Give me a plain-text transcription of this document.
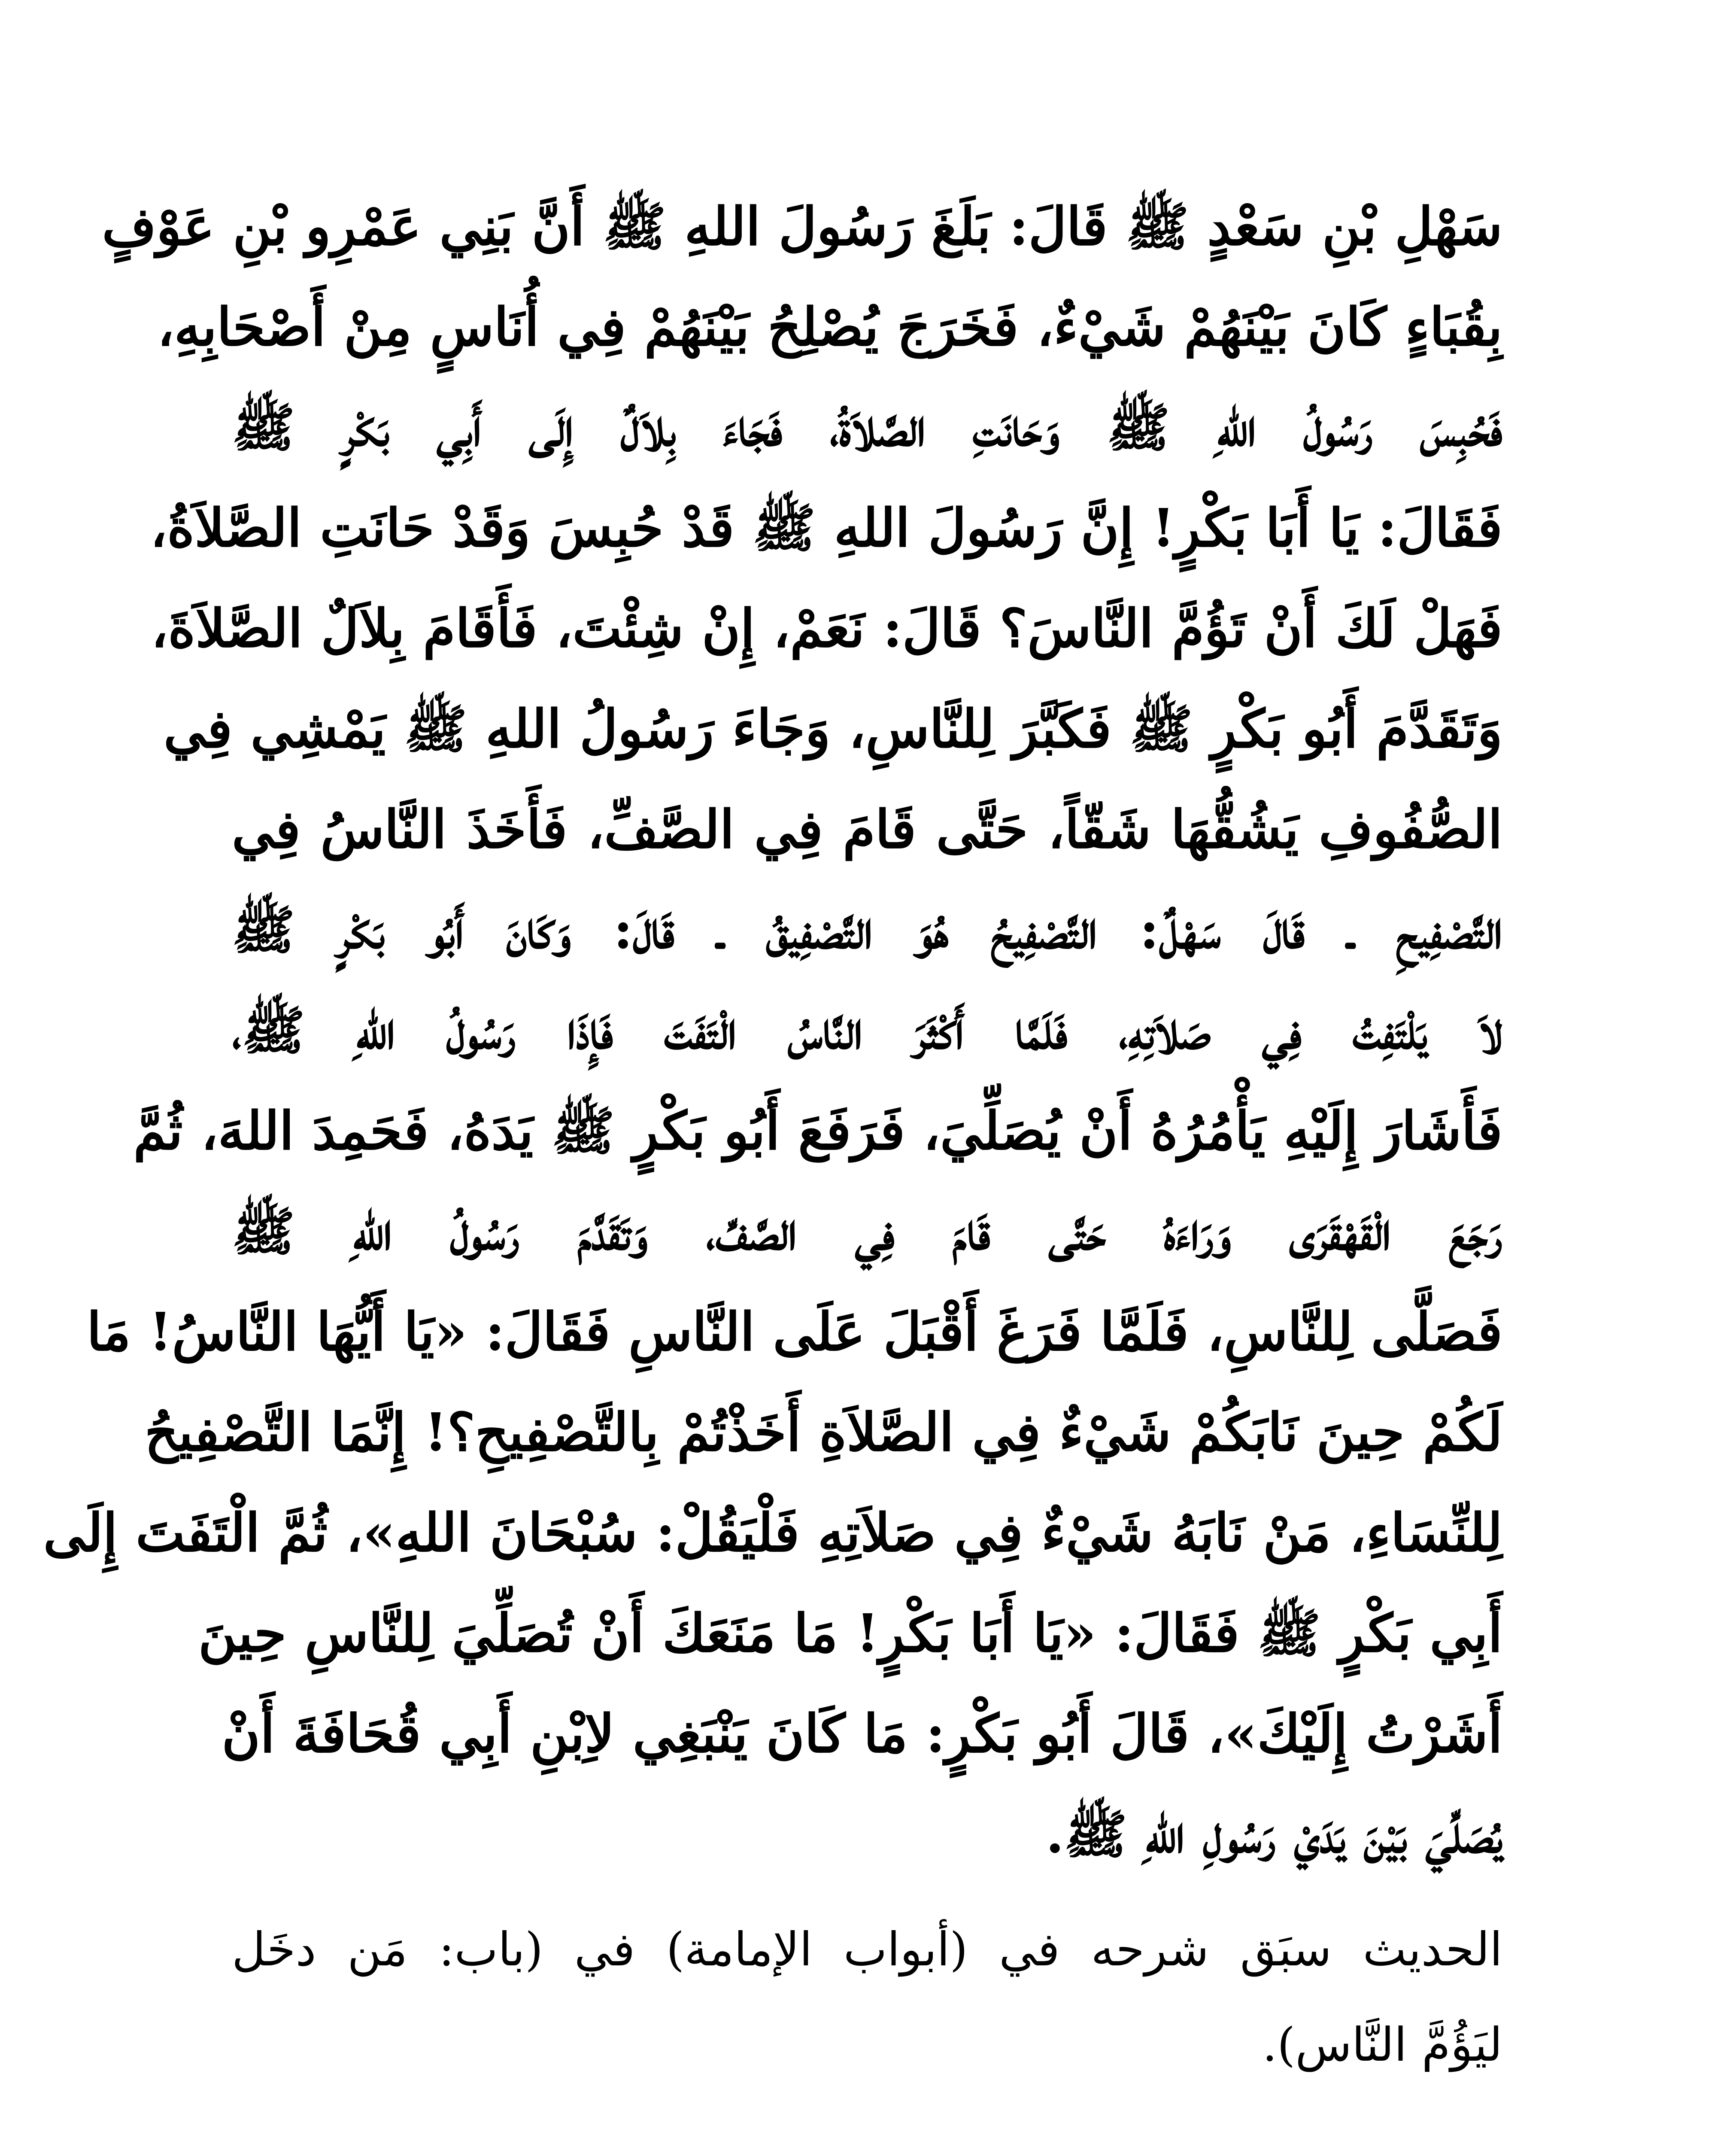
سَهْلِ بْنِ سَعْدٍ ﷺ قَالَ: بَلَغَ رَسُولَ اللهِ ﷺ أَنَّ بَنِي عَمْرِو بْنِ عَوْفٍ
بِقُبَاءٍ كَانَ بَيْنَهُمْ شَيْءٌ، فَخَرَجَ يُصْلِحُ بَيْنَهُمْ فِي أُنَاسٍ مِنْ أَصْحَابِهِ،
فَحُبِسَ رَسُولُ اللهِ ﷺ وَحَانَتِ الصَّلاَةُ، فَجَاءَ بِلاَلٌ إِلَى أَبِي بَكْرٍ ﷺ
فَقَالَ: يَا أَبَا بَكْرٍ! إِنَّ رَسُولَ اللهِ ﷺ قَدْ حُبِسَ وَقَدْ حَانَتِ الصَّلاَةُ،
فَهَلْ لَكَ أَنْ تَؤُمَّ النَّاسَ؟ قَالَ: نَعَمْ، إِنْ شِئْتَ، فَأَقَامَ بِلاَلٌ الصَّلاَةَ،
وَتَقَدَّمَ أَبُو بَكْرٍ ﷺ فَكَبَّرَ لِلنَّاسِ، وَجَاءَ رَسُولُ اللهِ ﷺ يَمْشِي فِي
الصُّفُوفِ يَشُقُّهَا شَقّاً، حَتَّى قَامَ فِي الصَّفِّ، فَأَخَذَ النَّاسُ فِي
التَّصْفِيحِ ـ قَالَ سَهْلٌ: التَّصْفِيحُ هُوَ التَّصْفِيقُ ـ قَالَ: وَكَانَ أَبُو بَكْرٍ ﷺ
لاَ يَلْتَفِتُ فِي صَلاَتِهِ، فَلَمَّا أَكْثَرَ النَّاسُ الْتَفَتَ فَإِذَا رَسُولُ اللهِ ﷺ،
فَأَشَارَ إِلَيْهِ يَأْمُرُهُ أَنْ يُصَلِّيَ، فَرَفَعَ أَبُو بَكْرٍ ﷺ يَدَهُ، فَحَمِدَ اللهَ، ثُمَّ
رَجَعَ الْقَهْقَرَى وَرَاءَهُ حَتَّى قَامَ فِي الصَّفِّ، وَتَقَدَّمَ رَسُولُ اللهِ ﷺ
فَصَلَّى لِلنَّاسِ، فَلَمَّا فَرَغَ أَقْبَلَ عَلَى النَّاسِ فَقَالَ: «يَا أَيُّهَا النَّاسُ! مَا
لَكُمْ حِينَ نَابَكُمْ شَيْءٌ فِي الصَّلاَةِ أَخَذْتُمْ بِالتَّصْفِيحِ؟! إِنَّمَا التَّصْفِيحُ
لِلنِّسَاءِ، مَنْ نَابَهُ شَيْءٌ فِي صَلاَتِهِ فَلْيَقُلْ: سُبْحَانَ اللهِ»، ثُمَّ الْتَفَتَ إِلَى
أَبِي بَكْرٍ ﷺ فَقَالَ: «يَا أَبَا بَكْرٍ! مَا مَنَعَكَ أَنْ تُصَلِّيَ لِلنَّاسِ حِينَ
أَشَرْتُ إِلَيْكَ»، قَالَ أَبُو بَكْرٍ: مَا كَانَ يَنْبَغِي لاِبْنِ أَبِي قُحَافَةَ أَنْ
يُصَلِّيَ بَيْنَ يَدَيْ رَسُولِ اللهِ ﷺ.
الحديث سبَق شرحه في (أبواب الإمامة) في (باب: مَن دخَل
ليَؤُمَّ النَّاس).
